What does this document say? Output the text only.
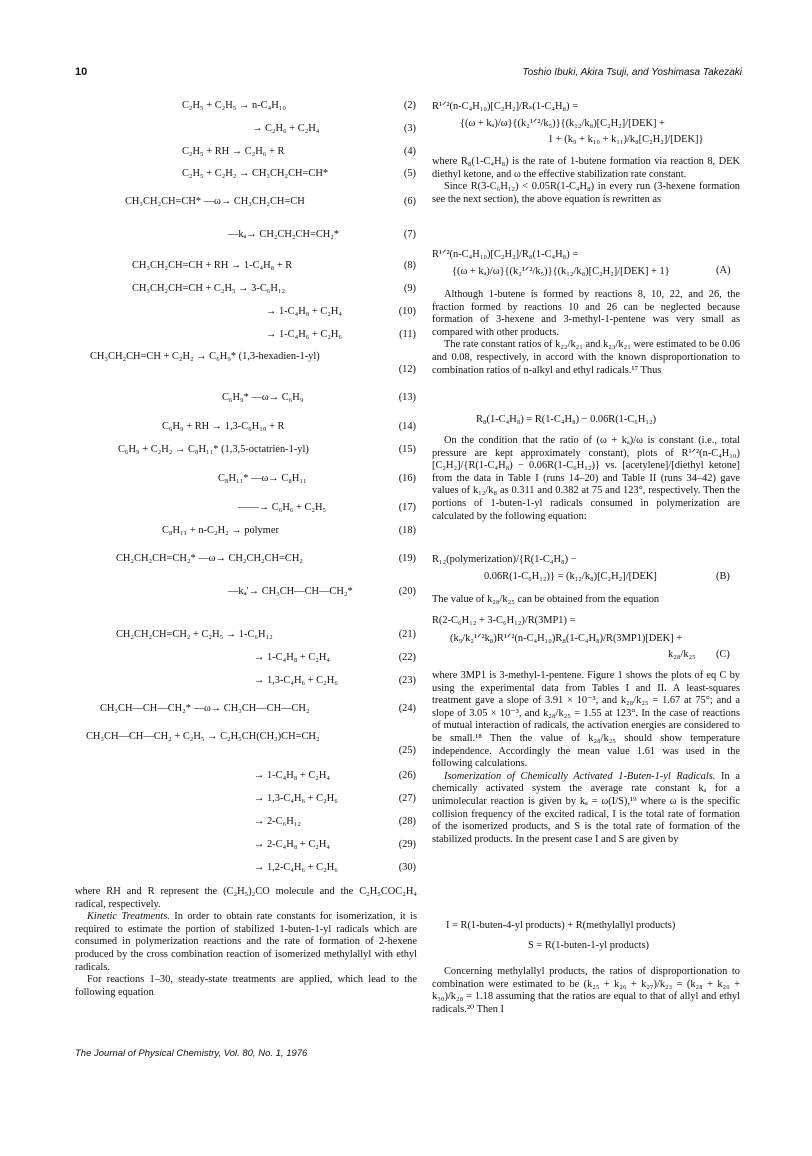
10	Toshio Ibuki, Akira Tsuji, and Yoshimasa Takezaki
C₂H₅ + C₂H₅ → n-C₄H₁₀	(2)
→ C₂H₆ + C₂H₄	(3)
C₂H₅ + RH → C₂H₆ + R	(4)
C₂H₅ + C₂H₂ → CH₃CH₂CH=CH*	(5)
CH₃CH₂CH=CH* —ω→ CH₃CH₂CH=CH	(6)
—kₐ→ CH₂CH₂CH=CH₂*	(7)
CH₃CH₂CH=CH + RH → 1-C₄H₈ + R	(8)
CH₃CH₂CH=CH + C₂H₅ → 3-C₆H₁₂	(9)
→ 1-C₄H₈ + C₂H₄	(10)
→ 1-C₄H₆ + C₂H₆	(11)
CH₃CH₂CH=CH + C₂H₂ → C₆H₉* (1,3-hexadien-1-yl)
(12)
C₆H₉* —ω→ C₆H₉	(13)
C₆H₉ + RH → 1,3-C₆H₁₀ + R	(14)
C₆H₉ + C₂H₂ → C₈H₁₁* (1,3,5-octatrien-1-yl)	(15)
C₈H₁₁* —ω→ C₈H₁₁	(16)
——→ C₆H₆ + C₂H₅	(17)
C₈H₁₁ + n-C₂H₂ → polymer	(18)
CH₂CH₂CH=CH₂* —ω→ CH₂CH₂CH=CH₂	(19)
—kₐ′→ CH₃CH—CH—CH₂*	(20)
CH₂CH₂CH=CH₂ + C₂H₅ → 1-C₆H₁₂	(21)
→ 1-C₄H₈ + C₂H₄	(22)
→ 1,3-C₄H₆ + C₂H₆	(23)
CH₃CH—CH—CH₂* —ω→ CH₃CH—CH—CH₂	(24)
CH₃CH—CH—CH₂ + C₂H₅ → C₂H₅CH(CH₃)CH=CH₂
(25)
→ 1-C₄H₈ + C₂H₄	(26)
→ 1,3-C₄H₆ + C₂H₆	(27)
→ 2-C₆H₁₂	(28)
→ 2-C₄H₈ + C₂H₄	(29)
→ 1,2-C₄H₆ + C₂H₆	(30)

where RH and R represent the (C₂H₅)₂CO molecule and the C₂H₅COC₂H₄ radical, respectively.

Kinetic Treatments. In order to obtain rate constants for isomerization, it is required to estimate the portion of stabilized 1-buten-1-yl radicals which are consumed in polymerization reactions and the rate of formation of 2-hexene produced by the cross combination reaction of isomerized methylallyl with ethyl radicals.

For reactions 1–30, steady-state treatments are applied, which lead to the following equation

R¹ᐟ²(n-C₄H₁₀)[C₂H₂]/Rₛ(1-C₄H₈) =
{(ω + kₐ)/ω}{(k₂¹ᐟ²/k₅)}{(k₁₂/k₈)[C₂H₂]/[DEK] +
1 + (k₉ + k₁₀ + k₁₁)/k₈[C₂H₂]/[DEK]}

where R₈(1-C₄H₈) is the rate of 1-butene formation via reaction 8, DEK diethyl ketone, and ω the effective stabilization rate constant.

Since R(3-C₆H₁₂) < 0.05R(1-C₄H₈) in every run (3-hexene formation see the next section), the above equation is rewritten as

R¹ᐟ²(n-C₄H₁₀)[C₂H₂]/R₈(1-C₄H₈) =
{(ω + kₐ)/ω}{(k₂¹ᐟ²/k₅)}{(k₁₂/k₈)[C₂H₂]/[DEK] + 1}	(A)

Although 1-butene is formed by reactions 8, 10, 22, and 26, the fraction formed by reactions 10 and 26 can be neglected because formation of 3-hexene and 3-methyl-1-pentene was very small as compared with other products.

The rate constant ratios of k₂₂/k₂₁ and k₂₃/k₂₁ were estimated to be 0.06 and 0.08, respectively, in accord with the known disproportionation to combination ratios of n-alkyl and ethyl radicals.¹⁷ Thus

R₈(1-C₄H₈) = R(1-C₄H₈) − 0.06R(1-C₆H₁₂)

On the condition that the ratio of (ω + kₐ)/ω is constant (i.e., total pressure are kept approximately constant), plots of R¹ᐟ²(n-C₄H₁₀)[C₂H₂]/{R(1-C₄H₈) − 0.06R(1-C₆H₁₂)} vs. [acetylene]/[diethyl ketone] from the data in Table I (runs 14–20) and Table II (runs 34–42) gave values of k₁₂/k₈ as 0.311 and 0.382 at 75 and 123°, respectively. Then the portions of 1-buten-1-yl radicals consumed in polymerization are calculated by the following equation:

R₁₂(polymerization)/{R(1-C₄H₈) −
0.06R(1-C₆H₁₂)} = (k₁₂/k₈)[C₂H₂]/[DEK]	(B)

The value of k₂₈/k₂₅ can be obtained from the equation

R(2-C₆H₁₂ + 3-C₆H₁₂)/R(3MP1) =
(k₉/k₂¹ᐟ²k₈)R¹ᐟ²(n-C₄H₁₀)R₈(1-C₄H₈)/R(3MP1)[DEK] +
k₂₈/k₂₅ (C)

where 3MP1 is 3-methyl-1-pentene. Figure 1 shows the plots of eq C by using the experimental data from Tables I and II. A least-squares treatment gave a slope of 3.91 × 10⁻³, and k₂₈/k₂₅ = 1.67 at 75°; and a slope of 3.05 × 10⁻³, and k₂₈/k₂₅ = 1.55 at 123°. In the case of reactions of mutual interaction of radicals, the activation energies are considered to be small.¹⁸ Then the value of k₂₈/k₂₅ should show temperature independence. Accordingly the mean value 1.61 was used in the following calculations.

Isomerization of Chemically Activated 1-Buten-1-yl Radicals. In a chemically activated system the average rate constant kₐ for a unimolecular reaction is given by kₐ = ω(I/S),¹⁹ where ω is the specific collision frequency of the excited radical, I is the total rate of formation of the isomerized products, and S is the total rate of formation of the stabilized products. In the present case I and S are given by

I = R(1-buten-4-yl products) + R(methylallyl products)
S = R(1-buten-1-yl products)

Concerning methylallyl products, the ratios of disproportionation to combination were estimated to be (k₂₅ + k₂₆ + k₂₇)/k₂₃ = (k₂₈ + k₂₉ + k₃₀)/k₂₈ = 1.18 assuming that the ratios are equal to that of allyl and ethyl radicals.²⁰ Then I

The Journal of Physical Chemistry, Vol. 80, No. 1, 1976
